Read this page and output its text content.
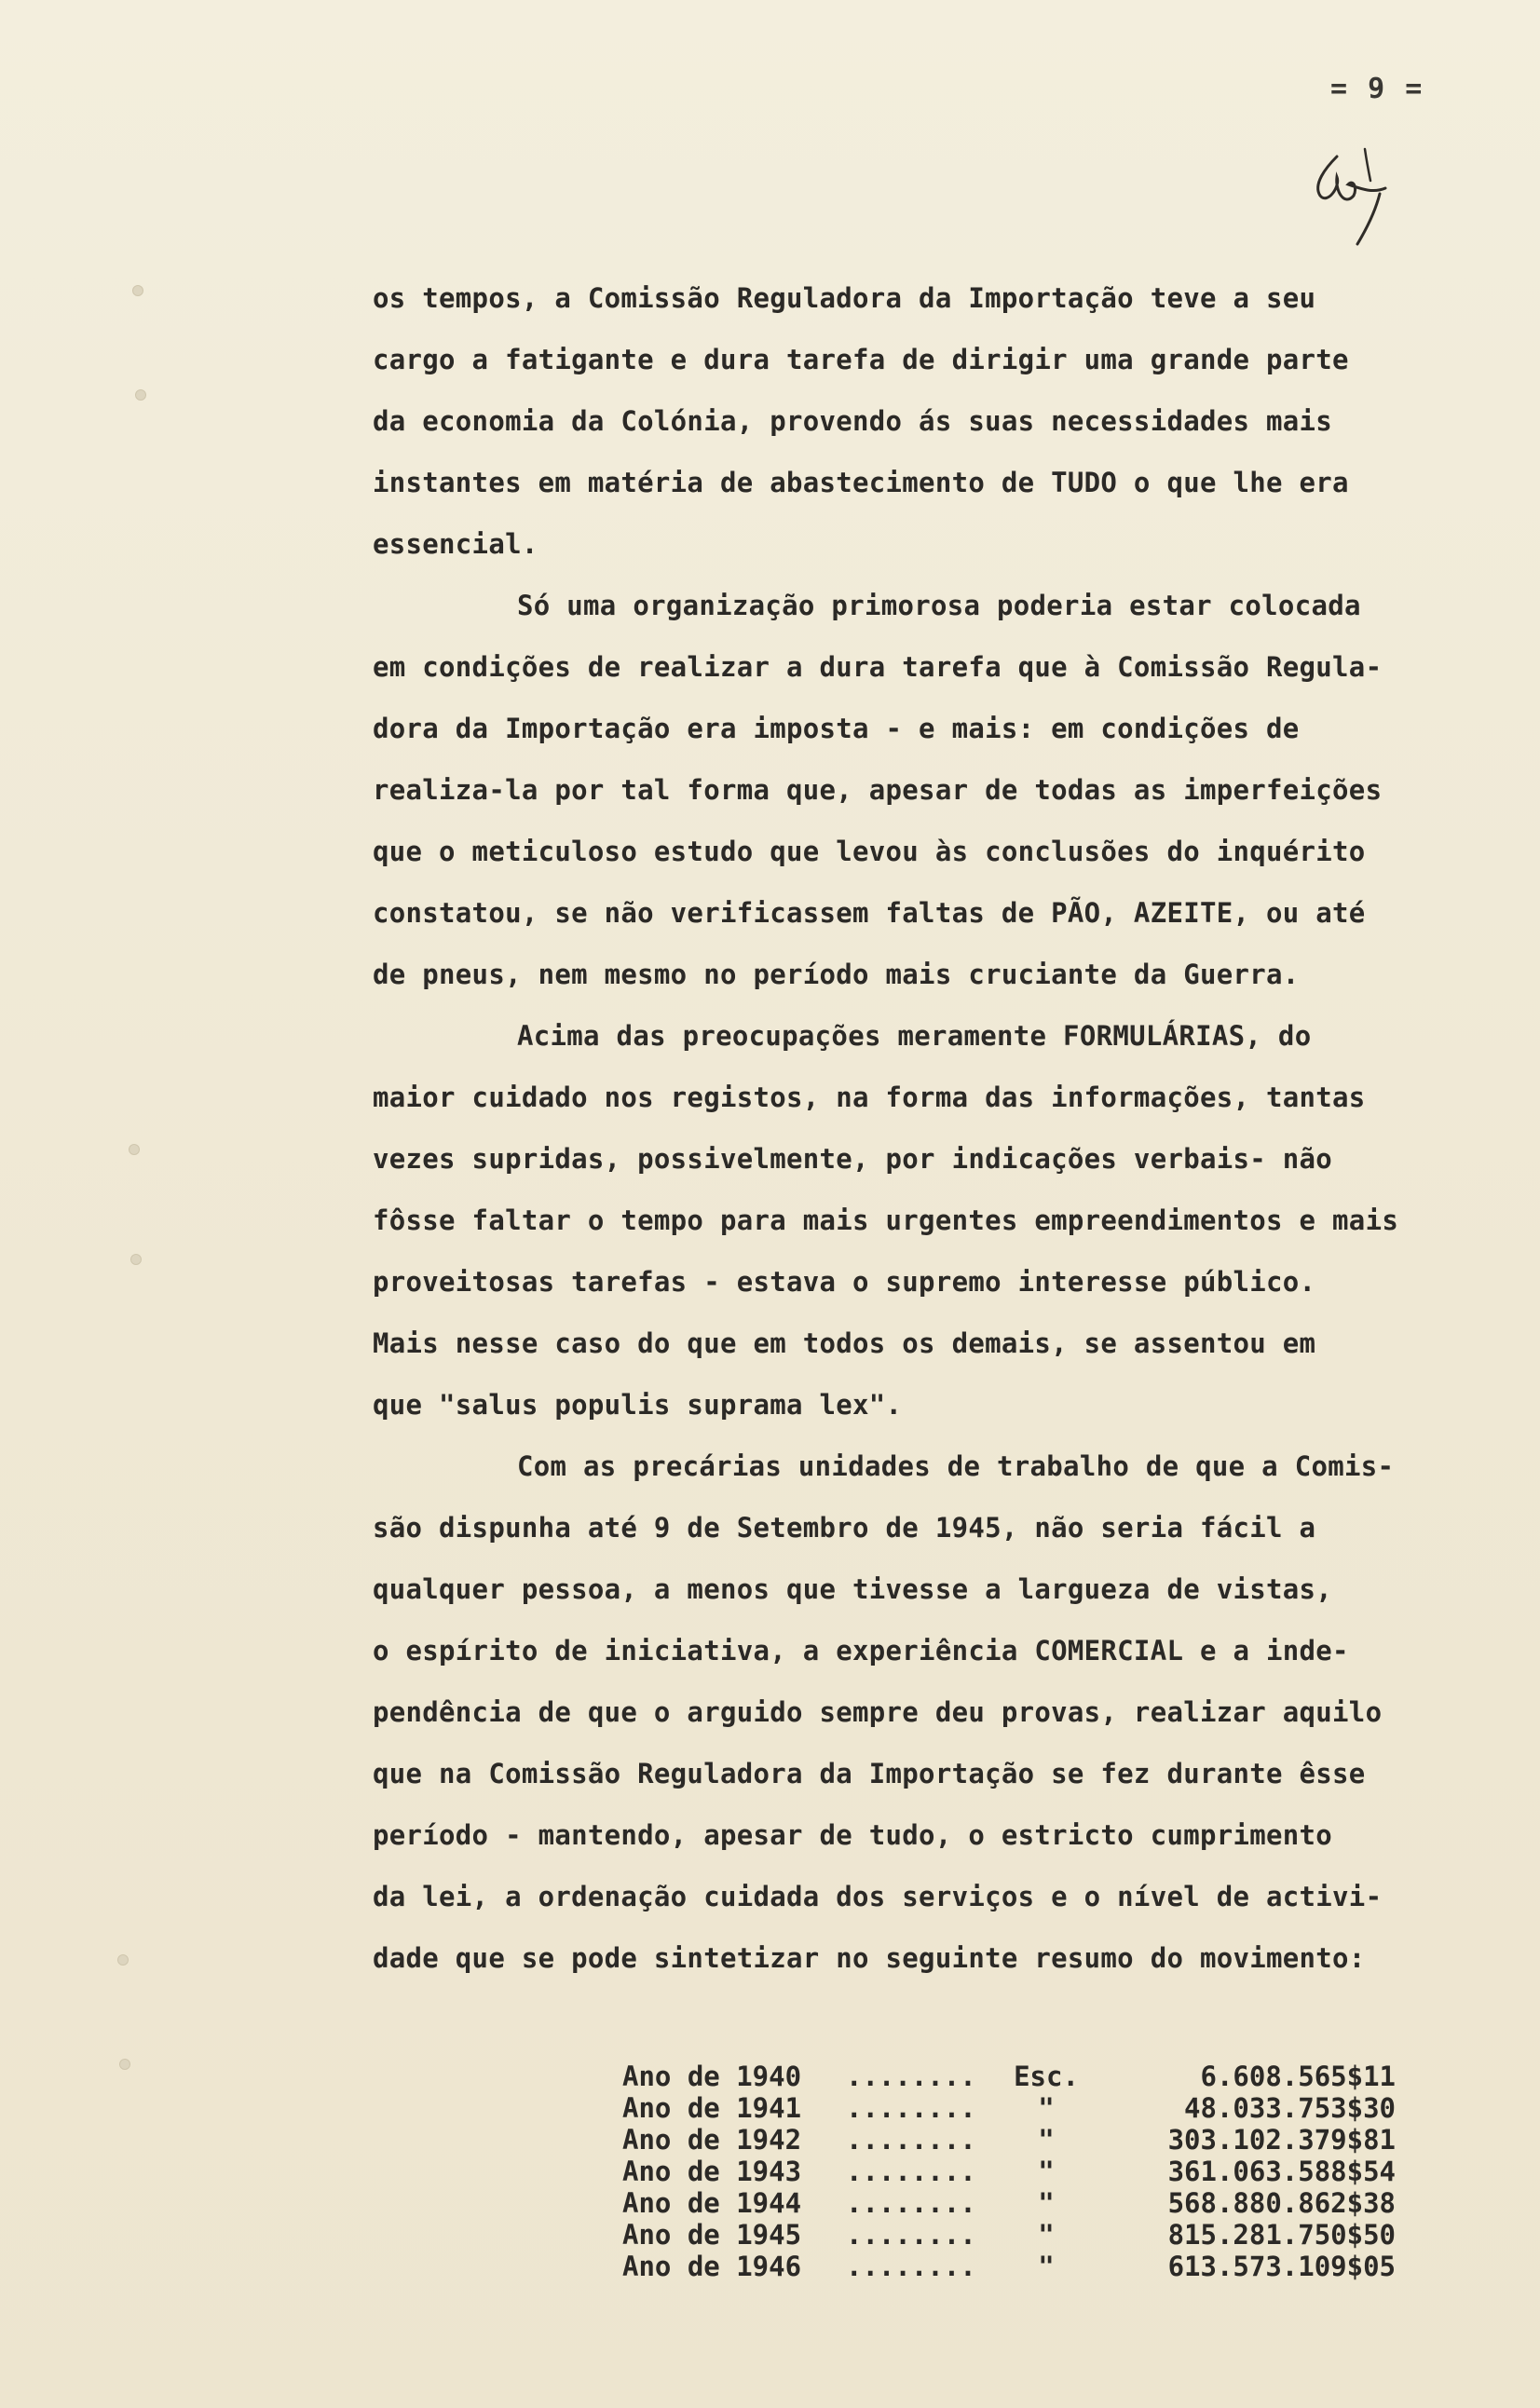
= 9 =
os tempos, a Comissão Reguladora da Importação teve a seu
cargo a fatigante e dura tarefa de dirigir uma grande parte
da economia da Colónia, provendo ás suas necessidades mais
instantes em matéria de abastecimento de TUDO o que lhe era
essencial.
Só uma organização primorosa poderia estar colocada
em condições de realizar a dura tarefa que à Comissão Regula-
dora da Importação era imposta - e mais: em condições de
realiza-la por tal forma que, apesar de todas as imperfeições
que o meticuloso estudo que levou às conclusões do inquérito
constatou, se não verificassem faltas de PÃO, AZEITE, ou até
de pneus, nem mesmo no período mais cruciante da Guerra.
Acima das preocupações meramente FORMULÁRIAS, do
maior cuidado nos registos, na forma das informações, tantas
vezes supridas, possivelmente, por indicações verbais- não
fôsse faltar o tempo para mais urgentes empreendimentos e mais
proveitosas tarefas - estava o supremo interesse público.
Mais nesse caso do que em todos os demais, se assentou em
que "salus populis suprama lex".
Com as precárias unidades de trabalho de que a Comis-
são dispunha até 9 de Setembro de 1945, não seria fácil a
qualquer pessoa, a menos que tivesse a largueza de vistas,
o espírito de iniciativa, a experiência COMERCIAL e a inde-
pendência de que o arguido sempre deu provas, realizar aquilo
que na Comissão Reguladora da Importação se fez durante êsse
período - mantendo, apesar de tudo, o estricto cumprimento
da lei, a ordenação cuidada dos serviços e o nível de activi-
dade que se pode sintetizar no seguinte resumo do movimento:
Ano de 1940	........	Esc.	6.608.565$11
Ano de 1941	........	"	48.033.753$30
Ano de 1942	........	"	303.102.379$81
Ano de 1943	........	"	361.063.588$54
Ano de 1944	........	"	568.880.862$38
Ano de 1945	........	"	815.281.750$50
Ano de 1946	........	"	613.573.109$05
